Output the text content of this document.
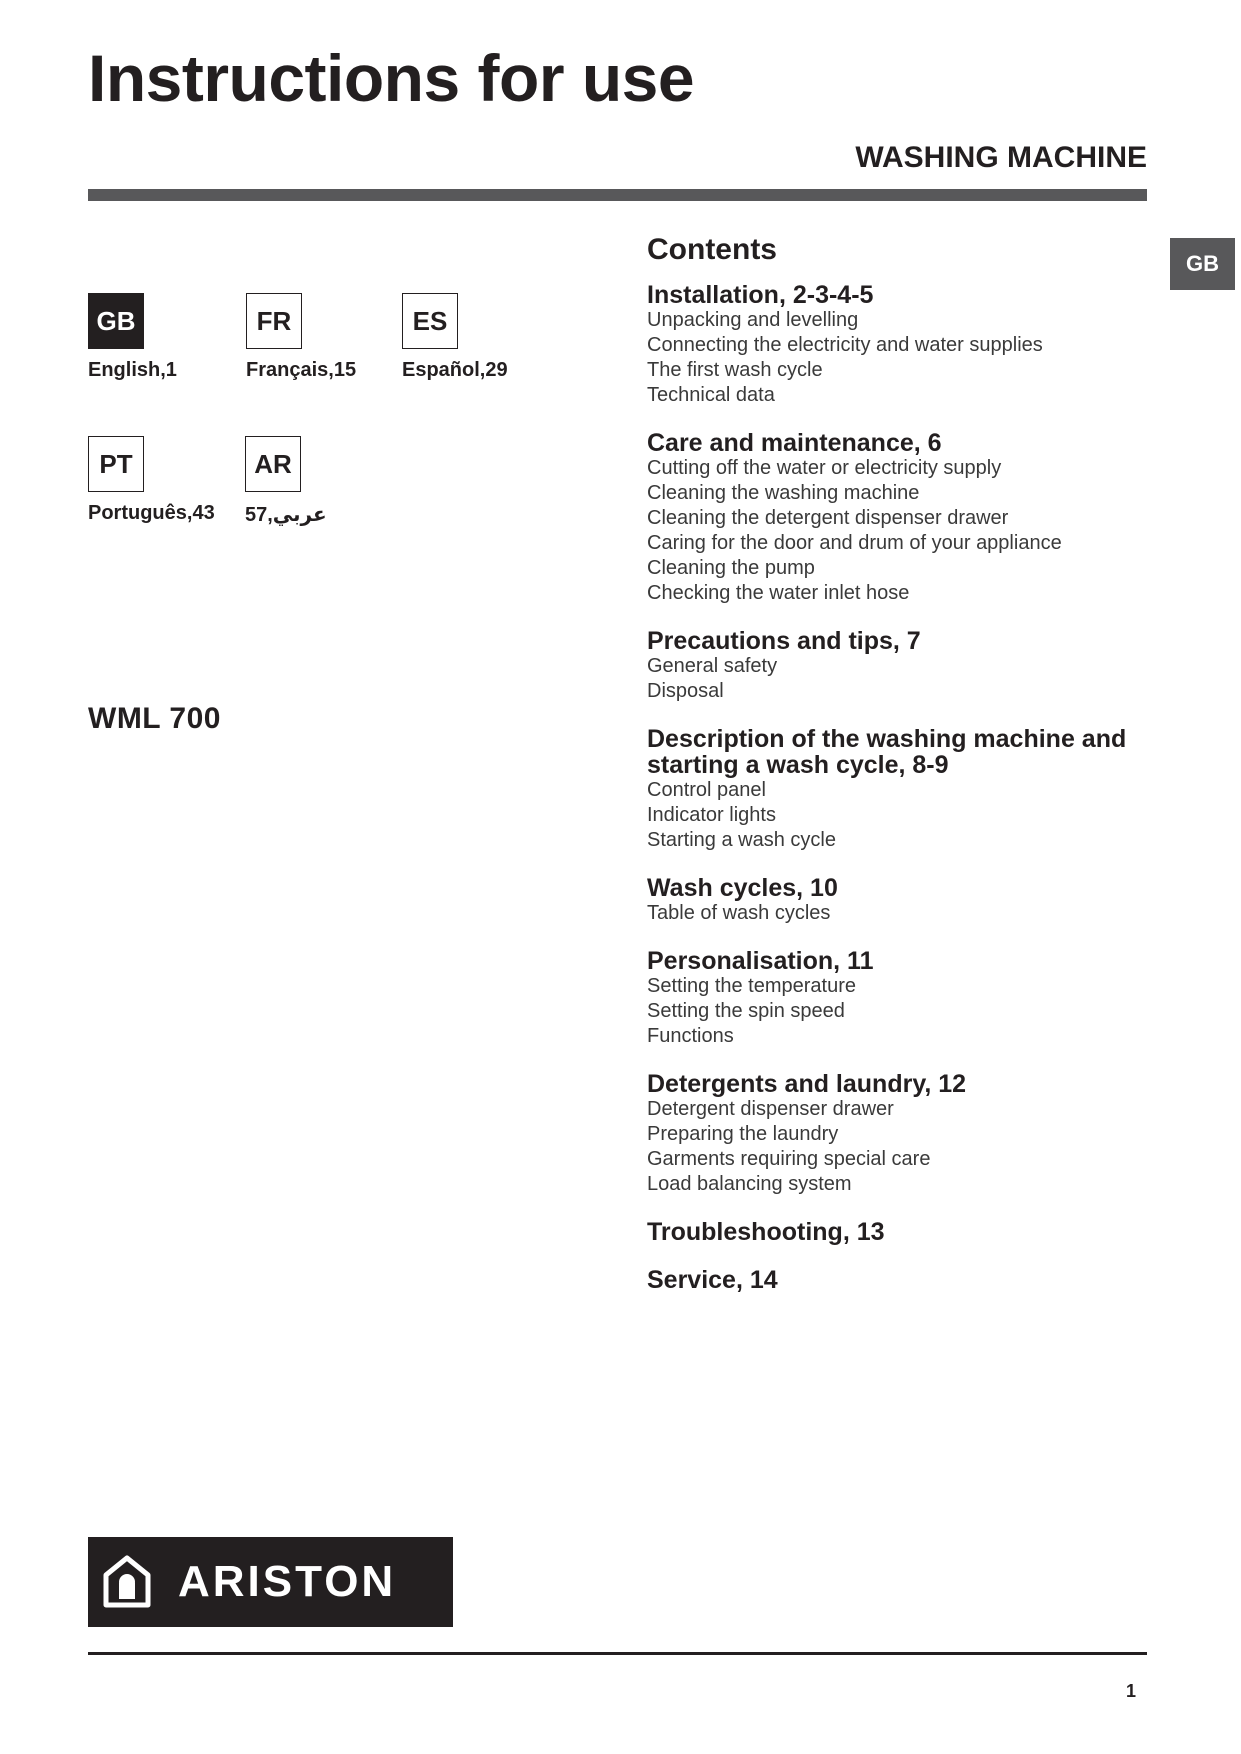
Instructions for use
WASHING MACHINE
GB
GB
English,1
FR
Français,15
ES
Español,29
PT
Português,43
AR
عربي,57
WML 700
Contents
Installation, 2-3-4-5
Unpacking and levelling
Connecting the electricity and water supplies
The first wash cycle
Technical data
Care and maintenance, 6
Cutting off the water or electricity supply
Cleaning the washing machine
Cleaning the detergent dispenser drawer
Caring for the door and drum of your appliance
Cleaning the pump
Checking the water inlet hose
Precautions and tips, 7
General safety
Disposal
Description of the washing machine and starting a wash cycle, 8-9
Control panel
Indicator lights
Starting a wash cycle
Wash cycles, 10
Table of wash cycles
Personalisation, 11
Setting the temperature
Setting the spin speed
Functions
Detergents and laundry, 12
Detergent dispenser drawer
Preparing the laundry
Garments requiring special care
Load balancing system
Troubleshooting, 13
Service, 14
ARISTON
1
